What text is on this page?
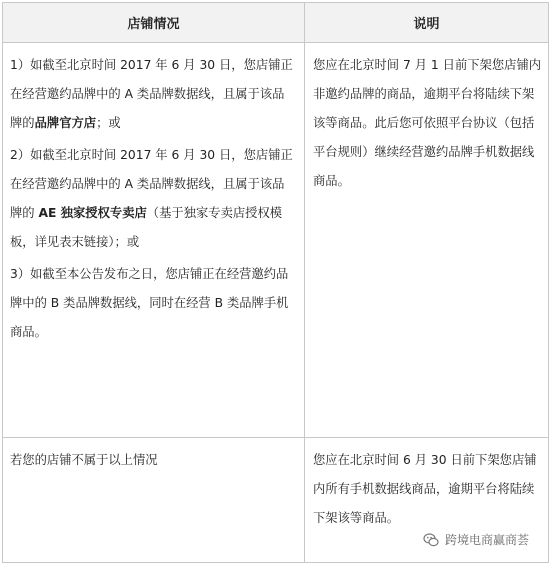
店铺情况	说明

1）如截至北京时间 2017 年 6 月 30 日，您店铺正在经营邀约品牌中的 A 类品牌数据线，且属于该品牌的品牌官方店；或
2）如截至北京时间 2017 年 6 月 30 日，您店铺正在经营邀约品牌中的 A 类品牌数据线，且属于该品牌的 AE 独家授权专卖店（基于独家专卖店授权模板，详见表末链接）；或
3）如截至本公告发布之日，您店铺正在经营邀约品牌中的 B 类品牌数据线，同时在经营 B 类品牌手机商品。	您应在北京时间 7 月 1 日前下架您店铺内非邀约品牌的商品，逾期平台将陆续下架该等商品。此后您可依照平台协议（包括平台规则）继续经营邀约品牌手机数据线商品。

若您的店铺不属于以上情况	您应在北京时间 6 月 30 日前下架您店铺内所有手机数据线商品，逾期平台将陆续下架该等商品。
跨境电商赢商荟
